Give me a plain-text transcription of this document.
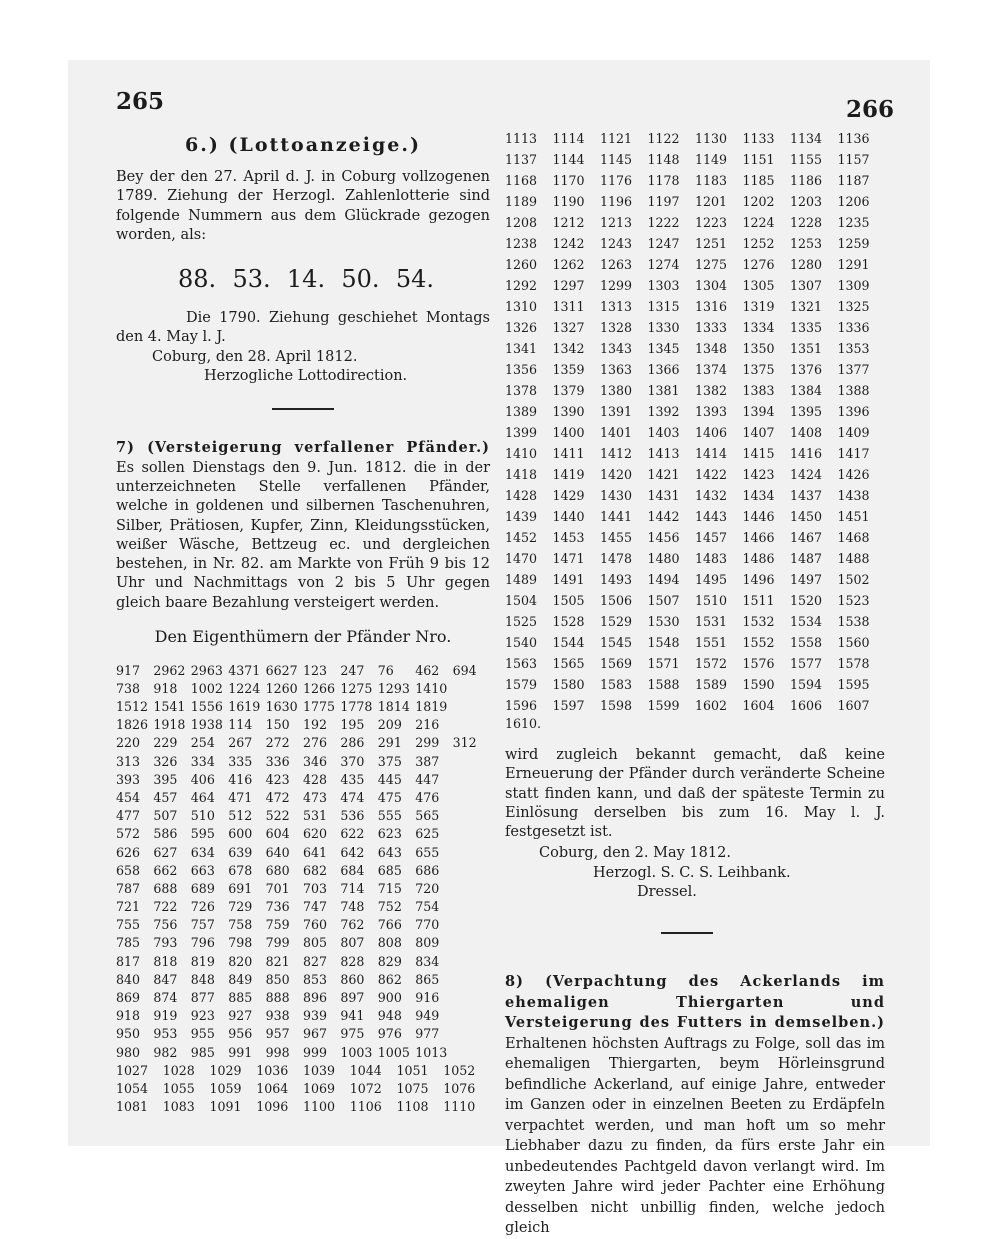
265	266

6.) (Lottoanzeige.)

Bey der den 27. April d. J. in Coburg vollzogenen 1789. Ziehung der Herzogl. Zahlenlotterie sind folgende Nummern aus dem Glückrade gezogen worden, als:

88. 53. 14. 50. 54.

Die 1790. Ziehung geschiehet Montags den 4. May l. J.

Coburg, den 28. April 1812.

Herzogliche Lottodirection.

7) (Versteigerung verfallener Pfänder.) Es sollen Dienstags den 9. Jun. 1812. die in der unterzeichneten Stelle verfallenen Pfänder, welche in goldenen und silbernen Taschenuhren, Silber, Prätiosen, Kupfer, Zinn, Kleidungsstücken, weißer Wäsche, Bettzeug ec. und dergleichen bestehen, in Nr. 82. am Markte von Früh 9 bis 12 Uhr und Nachmittags von 2 bis 5 Uhr gegen gleich baare Bezahlung versteigert werden.

Den Eigenthümern der Pfänder Nro.

917	2962 2963 4371 6627 123	247	76	462	694
738	918	1002 1224 1260 1266 1275 1293 1410
1512 1541 1556 1619 1630 1775 1778 1814 1819
1826 1918 1938 114	150	192	195	209	216
220	229	254	267	272	276	286	291	299	312
313	326	334	335	336	346	370	375	387
393	395	406	416	423	428	435	445	447
454	457	464	471	472	473	474	475	476
477	507	510	512	522	531	536	555	565
572	586	595	600	604	620	622	623	625
626	627	634	639	640	641	642	643	655
658	662	663	678	680	682	684	685	686
787	688	689	691	701	703	714	715	720
721	722	726	729	736	747	748	752	754
755	756	757	758	759	760	762	766	770
785	793	796	798	799	805	807	808	809
817	818	819	820	821	827	828	829	834
840	847	848	849	850	853	860	862	865
869	874	877	885	888	896	897	900	916
918	919	923	927	938	939	941	948	949
950	953	955	956	957	967	975	976	977
980	982	985	991	998	999	1003 1005 1013
1027	1028	1029	1036	1039	1044	1051	1052
1054	1055	1059	1064	1069	1072	1075	1076
1081	1083	1091	1096	1100	1106	1108	1110
1113	1114	1121	1122	1130	1133	1134	1136
1137	1144	1145	1148	1149	1151	1155	1157
1168	1170	1176	1178	1183	1185	1186	1187
1189	1190	1196	1197	1201	1202	1203	1206
1208	1212	1213	1222	1223	1224	1228	1235
1238	1242	1243	1247	1251	1252	1253	1259
1260	1262	1263	1274	1275	1276	1280	1291
1292	1297	1299	1303	1304	1305	1307	1309
1310	1311	1313	1315	1316	1319	1321	1325
1326	1327	1328	1330	1333	1334	1335	1336
1341	1342	1343	1345	1348	1350	1351	1353
1356	1359	1363	1366	1374	1375	1376	1377
1378	1379	1380	1381	1382	1383	1384	1388
1389	1390	1391	1392	1393	1394	1395	1396
1399	1400	1401	1403	1406	1407	1408	1409
1410	1411	1412	1413	1414	1415	1416	1417
1418	1419	1420	1421	1422	1423	1424	1426
1428	1429	1430	1431	1432	1434	1437	1438
1439	1440	1441	1442	1443	1446	1450	1451
1452	1453	1455	1456	1457	1466	1467	1468
1470	1471	1478	1480	1483	1486	1487	1488
1489	1491	1493	1494	1495	1496	1497	1502
1504	1505	1506	1507	1510	1511	1520	1523
1525	1528	1529	1530	1531	1532	1534	1538
1540	1544	1545	1548	1551	1552	1558	1560
1563	1565	1569	1571	1572	1576	1577	1578
1579	1580	1583	1588	1589	1590	1594	1595
1596	1597	1598	1599	1602	1604	1606	1607

1610.

wird zugleich bekannt gemacht, daß keine Erneuerung der Pfänder durch veränderte Scheine statt finden kann, und daß der späteste Termin zu Einlösung derselben bis zum 16. May l. J. festgesetzt ist.

Coburg, den 2. May 1812.

Herzogl. S. C. S. Leihbank.

Dressel.

8) (Verpachtung des Ackerlands im ehemaligen Thiergarten und Versteigerung des Futters in demselben.) Erhaltenen höchsten Auftrags zu Folge, soll das im ehemaligen Thiergarten, beym Hörleinsgrund befindliche Ackerland, auf einige Jahre, entweder im Ganzen oder in einzelnen Beeten zu Erdäpfeln verpachtet werden, und man hoft um so mehr Liebhaber dazu zu finden, da fürs erste Jahr ein unbedeutendes Pachtgeld davon verlangt wird. Im zweyten Jahre wird jeder Pachter eine Erhöhung desselben nicht unbillig finden, welche jedoch gleich
